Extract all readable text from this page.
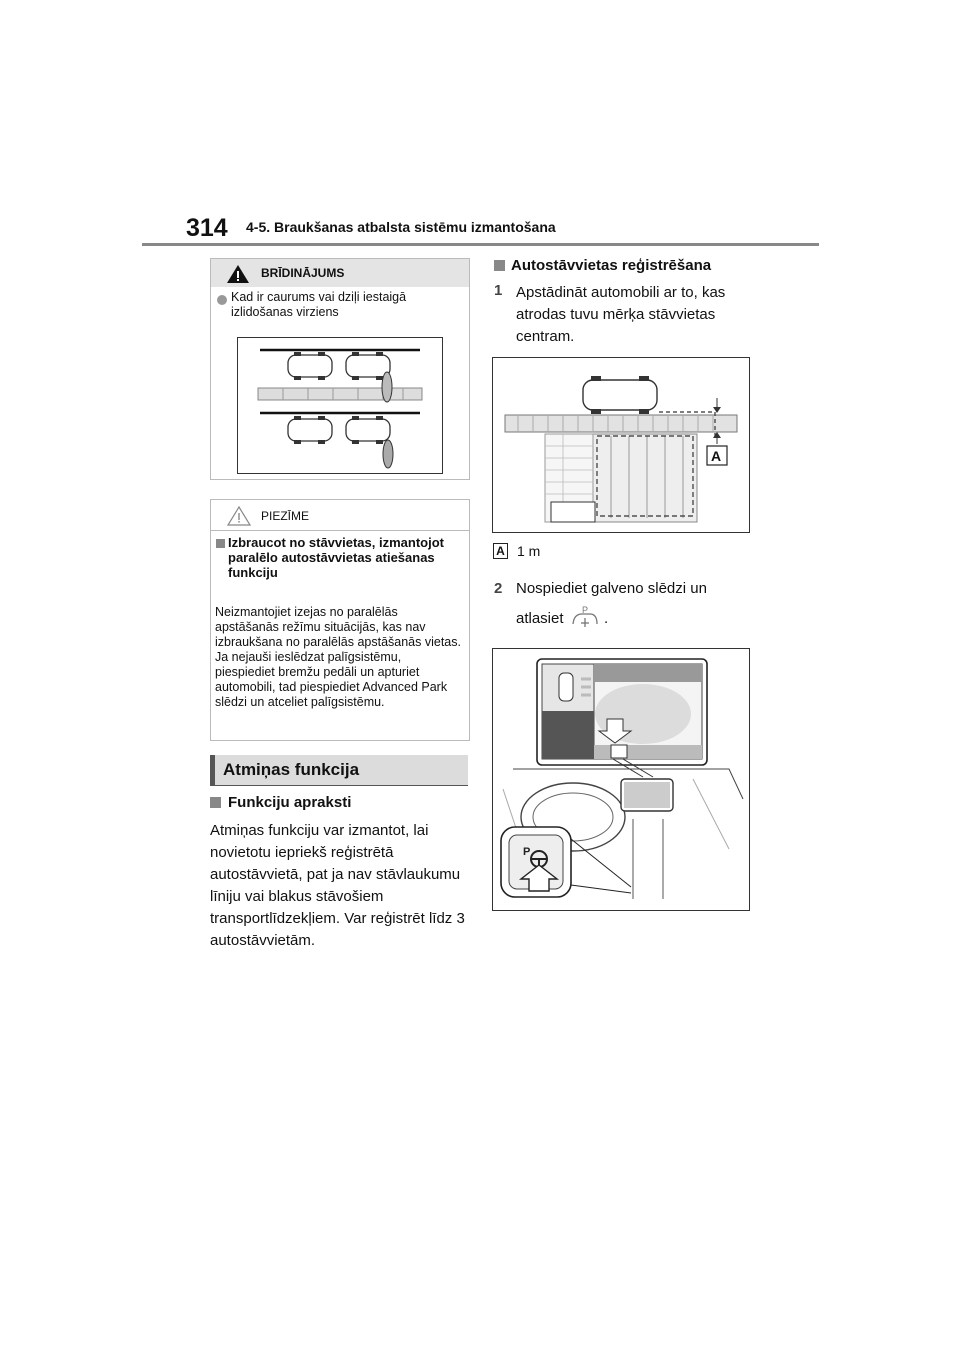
314 4-5. Braukšanas atbalsta sistēmu izmantošana
BRĪDINĀJUMS
Kad ir caurums vai dziļi iestaigā izlidošanas virziens
PIEZĪME
Izbraucot no stāvvietas, izmantojot paralēlo autostāvvietas atiešanas funkciju
Neizmantojiet izejas no paralēlās apstāšanās režīmu situācijās, kas nav izbraukšana no paralēlās apstāšanās vietas. Ja nejauši ieslēdzat palīgsistēmu, piespiediet bremžu pedāli un apturiet automobili, tad piespiediet Advanced Park slēdzi un atceliet palīgsistēmu.
Atmiņas funkcija
Funkciju apraksti
Atmiņas funkciju var izmantot, lai novietotu iepriekš reģistrētā autostāvvietā, pat ja nav stāvlaukumu līniju vai blakus stāvošiem transportlīdzekļiem. Var reģistrēt līdz 3 autostāvvietām.
Autostāvvietas reģistrēšana
1 Apstādināt automobili ar to, kas atrodas tuvu mērķa stāvvietas centram.
A
A 1 m
2 Nospiediet galveno slēdzi un
atlasiet P .
P
